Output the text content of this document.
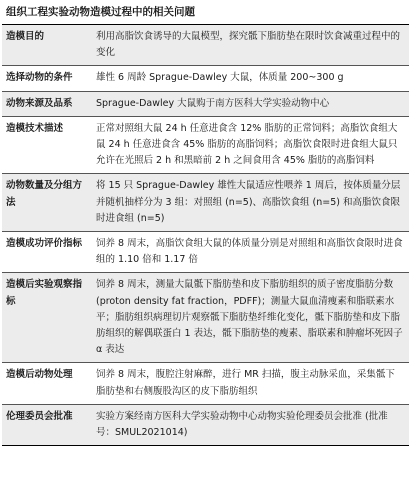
组织工程实验动物造模过程中的相关问题
造模目的	利用高脂饮食诱导的大鼠模型，探究骶下脂肪垫在限时饮食减重过程中的变化
选择动物的条件	雄性 6 周龄 Sprague-Dawley 大鼠，体质量 200~300 g
动物来源及品系	Sprague-Dawley 大鼠购于南方医科大学实验动物中心
造模技术描述	正常对照组大鼠 24 h 任意进食含 12% 脂肪的正常饲料；高脂饮食组大鼠 24 h 任意进食含 45% 脂肪的高脂饲料；高脂饮食限时进食组大鼠只允许在光照后 2 h 和黑暗前 2 h 之间食用含 45% 脂肪的高脂饲料
动物数量及分组方法	将 15 只 Sprague-Dawley 雄性大鼠适应性喂养 1 周后，按体质量分层并随机抽样分为 3 组：对照组 (n=5)、高脂饮食组 (n=5) 和高脂饮食限时进食组 (n=5)
造模成功评价指标	饲养 8 周末，高脂饮食组大鼠的体质量分别是对照组和高脂饮食限时进食组的 1.10 倍和 1.17 倍
造模后实验观察指标	饲养 8 周末，测量大鼠骶下脂肪垫和皮下脂肪组织的质子密度脂肪分数 (proton density fat fraction，PDFF)；测量大鼠血清瘦素和脂联素水平；脂肪组织病理切片观察骶下脂肪垫纤维化变化，骶下脂肪垫和皮下脂肪组织的解偶联蛋白 1 表达，骶下脂肪垫的瘦素、脂联素和肿瘤坏死因子 α 表达
造模后动物处理	饲养 8 周末，腹腔注射麻醉，进行 MR 扫描，腹主动脉采血，采集骶下脂肪垫和右侧腹股沟区的皮下脂肪组织
伦理委员会批准	实验方案经南方医科大学实验动物中心动物实验伦理委员会批准 (批准号：SMUL2021014)
